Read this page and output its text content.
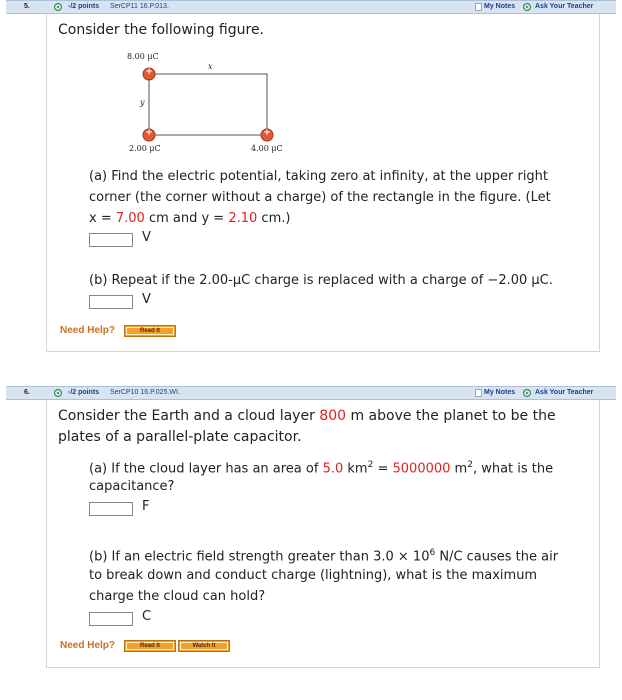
5.	-/2 points SerCP11 16.P.013.	My Notes	Ask Your Teacher
Consider the following figure.
+
+	+
8.00 μC
x
y
2.00 μC	4.00 μC
(a) Find the electric potential, taking zero at infinity, at the upper right
corner (the corner without a charge) of the rectangle in the figure. (Let
x = 7.00 cm and y = 2.10 cm.)
V
(b) Repeat if the 2.00-μC charge is replaced with a charge of −2.00 μC.
V
Need Help?	Read It
6.	-/2 points SerCP10 16.P.025.WI.	My Notes	Ask Your Teacher
Consider the Earth and a cloud layer 800 m above the planet to be the
plates of a parallel-plate capacitor.
(a) If the cloud layer has an area of 5.0 $km^2 = 5000000$ $m^2$, what is the
capacitance?
F
(b) If an electric field strength greater than $3.0 \times 10^6$ N/C causes the air
to break down and conduct charge (lightning), what is the maximum
charge the cloud can hold?
C
Need Help?	Read It	Watch It
